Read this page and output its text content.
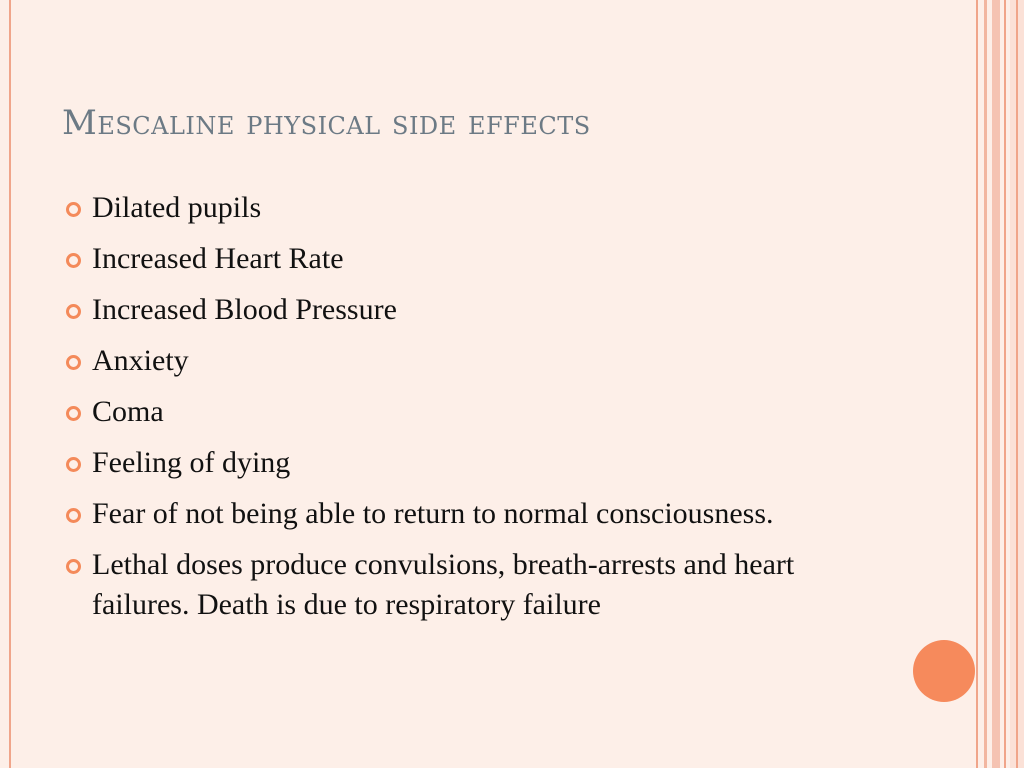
Mescaline physical side effects
Dilated pupils
Increased Heart Rate
Increased Blood Pressure
Anxiety
Coma
Feeling of dying
Fear of not being able to return to normal consciousness.
Lethal doses produce convulsions, breath-arrests and heart failures. Death is due to respiratory failure
